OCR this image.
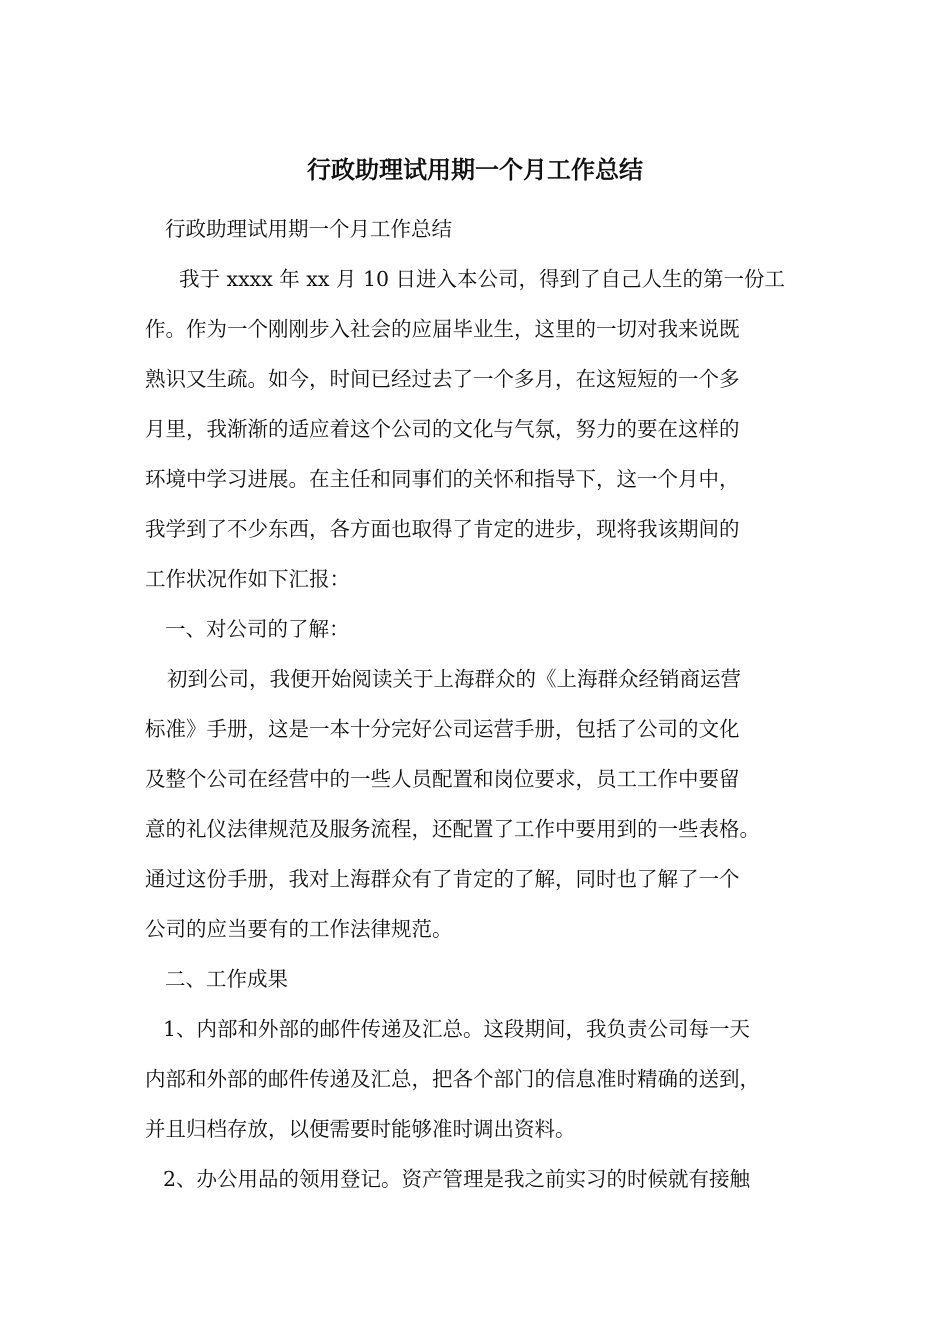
行政助理试用期一个月工作总结
行政助理试用期一个月工作总结
我于 xxxx 年 xx 月 10 日进入本公司，得到了自己人生的第一份工
作。作为一个刚刚步入社会的应届毕业生，这里的一切对我来说既
熟识又生疏。如今，时间已经过去了一个多月，在这短短的一个多
月里，我渐渐的适应着这个公司的文化与气氛，努力的要在这样的
环境中学习进展。在主任和同事们的关怀和指导下，这一个月中，
我学到了不少东西，各方面也取得了肯定的进步，现将我该期间的
工作状况作如下汇报：
一、对公司的了解：
初到公司，我便开始阅读关于上海群众的《上海群众经销商运营
标准》手册，这是一本十分完好公司运营手册，包括了公司的文化
及整个公司在经营中的一些人员配置和岗位要求，员工工作中要留
意的礼仪法律规范及服务流程，还配置了工作中要用到的一些表格。
通过这份手册，我对上海群众有了肯定的了解，同时也了解了一个
公司的应当要有的工作法律规范。
二、工作成果
1、内部和外部的邮件传递及汇总。这段期间，我负责公司每一天
内部和外部的邮件传递及汇总，把各个部门的信息准时精确的送到，
并且归档存放，以便需要时能够准时调出资料。
2、办公用品的领用登记。资产管理是我之前实习的时候就有接触
